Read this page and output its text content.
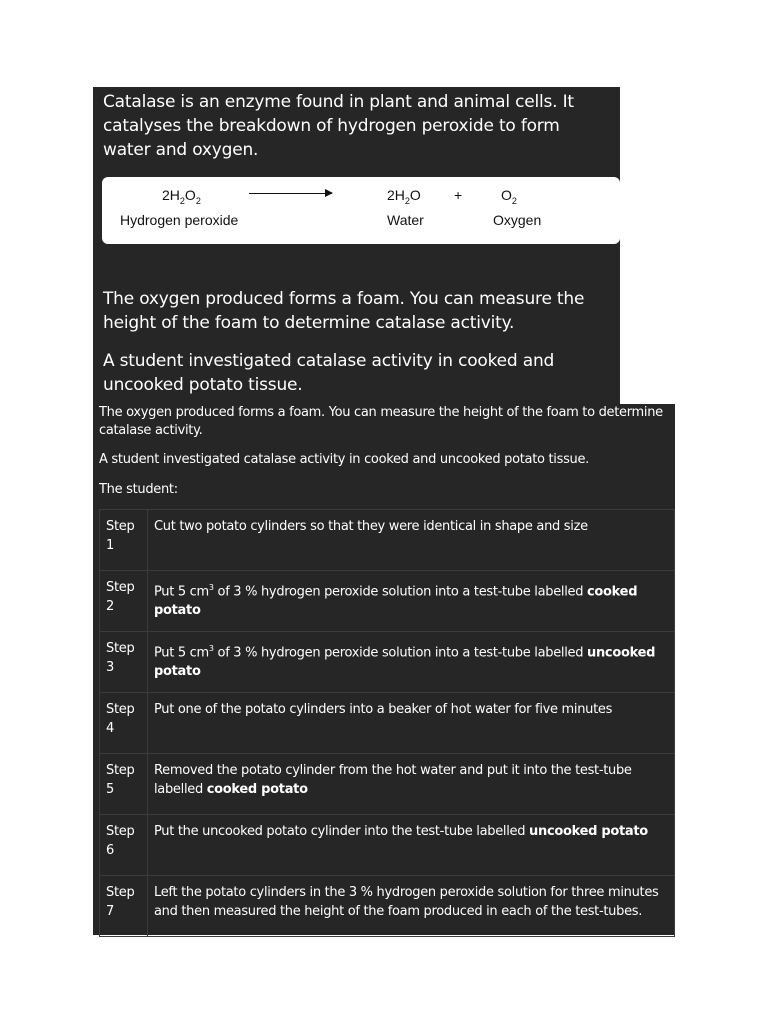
Catalase is an enzyme found in plant and animal cells. It catalyses the breakdown of hydrogen peroxide to form water and oxygen.

$2H_2O_2$
Hydrogen peroxide
$2H_2O$
Water
+	$O_2$
Oxygen

The oxygen produced forms a foam. You can measure the height of the foam to determine catalase activity.

A student investigated catalase activity in cooked and uncooked potato tissue.

The oxygen produced forms a foam. You can measure the height of the foam to determine catalase activity.

A student investigated catalase activity in cooked and uncooked potato tissue.

The student:

Step
1	Cut two potato cylinders so that they were identical in shape and size
Step
2	Put 5 $cm^3$ of 3 % hydrogen peroxide solution into a test-tube labelled cooked potato
Step
3	Put 5 $cm^3$ of 3 % hydrogen peroxide solution into a test-tube labelled uncooked potato
Step
4	Put one of the potato cylinders into a beaker of hot water for five minutes
Step
5	Removed the potato cylinder from the hot water and put it into the test-tube labelled cooked potato
Step
6	Put the uncooked potato cylinder into the test-tube labelled uncooked potato
Step
7	Left the potato cylinders in the 3 % hydrogen peroxide solution for three minutes and then measured the height of the foam produced in each of the test-tubes.
